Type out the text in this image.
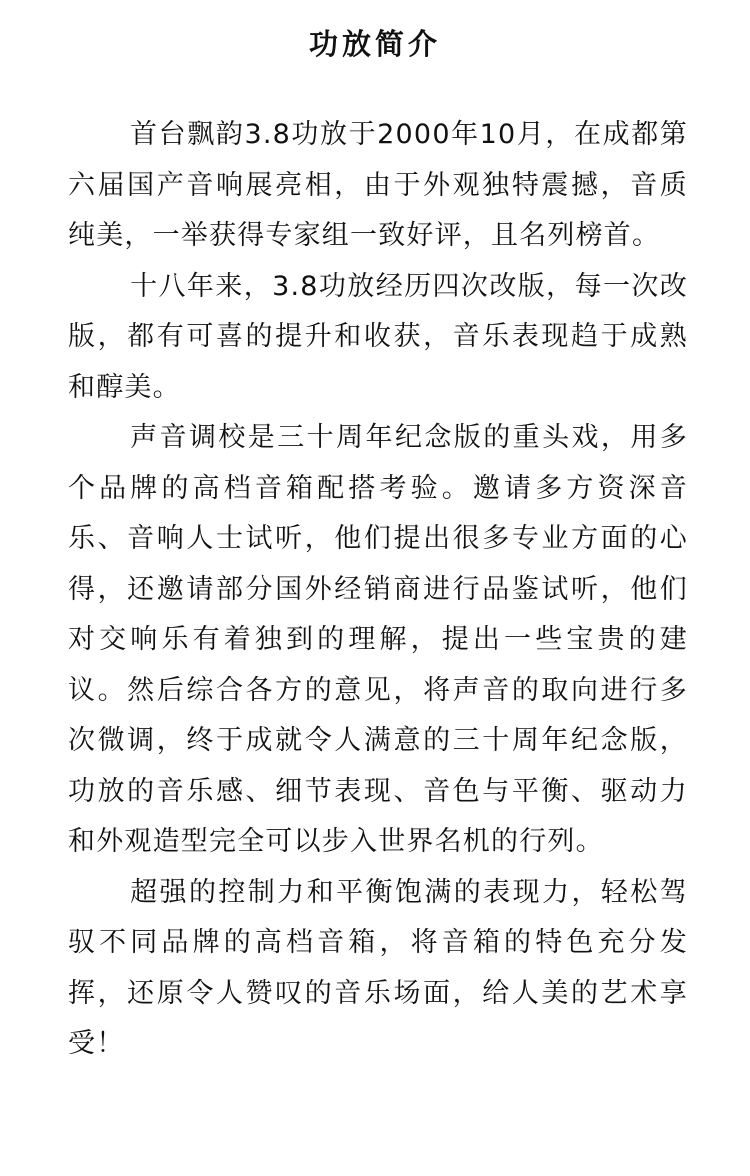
功放简介

首台飘韵3.8功放于2000年10月，在成都第六届国产音响展亮相，由于外观独特震撼，音质纯美，一举获得专家组一致好评，且名列榜首。

十八年来，3.8功放经历四次改版，每一次改版，都有可喜的提升和收获，音乐表现趋于成熟和醇美。

声音调校是三十周年纪念版的重头戏，用多个品牌的高档音箱配搭考验。邀请多方资深音乐、音响人士试听，他们提出很多专业方面的心得，还邀请部分国外经销商进行品鉴试听，他们对交响乐有着独到的理解，提出一些宝贵的建议。然后综合各方的意见，将声音的取向进行多次微调，终于成就令人满意的三十周年纪念版，功放的音乐感、细节表现、音色与平衡、驱动力和外观造型完全可以步入世界名机的行列。

超强的控制力和平衡饱满的表现力，轻松驾驭不同品牌的高档音箱，将音箱的特色充分发挥，还原令人赞叹的音乐场面，给人美的艺术享受！
